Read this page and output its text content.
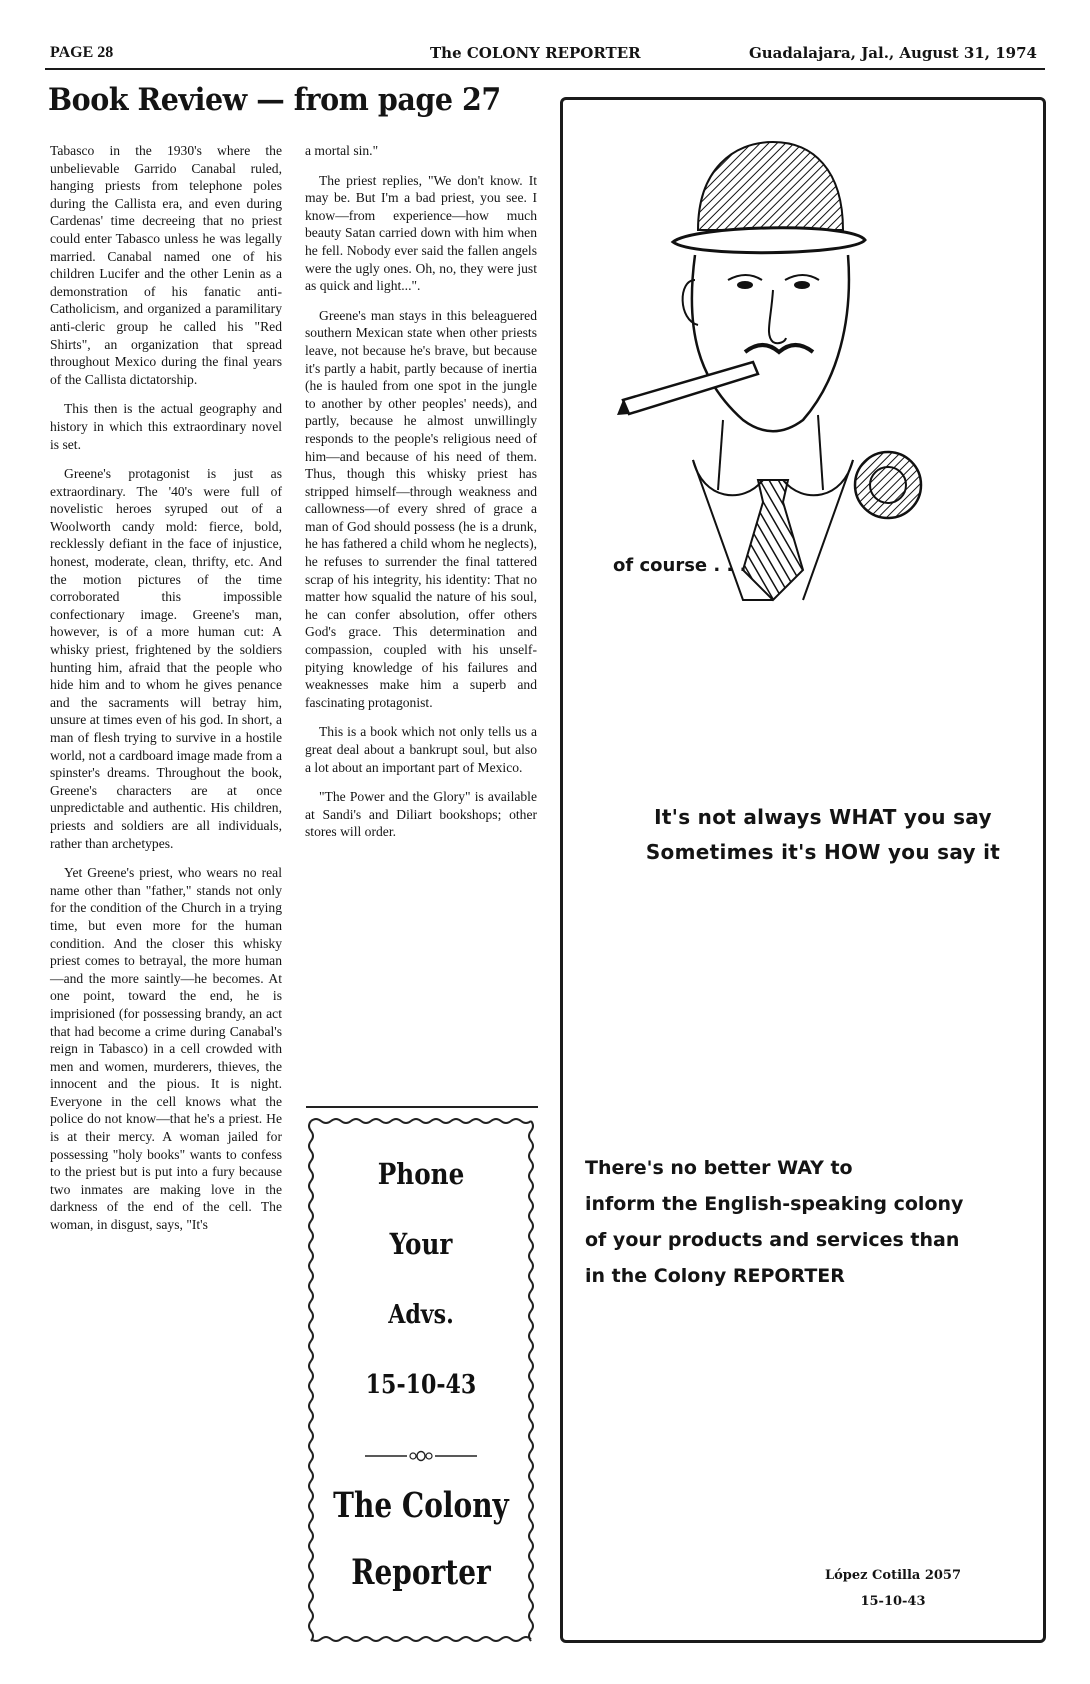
PAGE 28	The COLONY REPORTER	Guadalajara, Jal., August 31, 1974
Book Review — from page 27

Tabasco in the 1930's where the unbelievable Garrido Canabal ruled, hanging priests from telephone poles during the Callista era, and even during Cardenas' time decreeing that no priest could enter Tabasco unless he was legally married. Canabal named one of his children Lucifer and the other Lenin as a demonstration of his fanatic anti-Catholicism, and organized a paramilitary anti-cleric group he called his "Red Shirts", an organization that spread throughout Mexico during the final years of the Callista dictatorship.

This then is the actual geography and history in which this extraordinary novel is set.

Greene's protagonist is just as extraordinary. The '40's were full of novelistic heroes syruped out of a Woolworth candy mold: fierce, bold, recklessly defiant in the face of injustice, honest, moderate, clean, thrifty, etc. And the motion pictures of the time corroborated this impossible confectionary image. Greene's man, however, is of a more human cut: A whisky priest, frightened by the soldiers hunting him, afraid that the people who hide him and to whom he gives penance and the sacraments will betray him, unsure at times even of his god. In short, a man of flesh trying to survive in a hostile world, not a cardboard image made from a spinster's dreams. Throughout the book, Greene's characters are at once unpredictable and authentic. His children, priests and soldiers are all individuals, rather than archetypes.

Yet Greene's priest, who wears no real name other than "father," stands not only for the condition of the Church in a trying time, but even more for the human condition. And the closer this whisky priest comes to betrayal, the more human—and the more saintly—he becomes. At one point, toward the end, he is imprisioned (for possessing brandy, an act that had become a crime during Canabal's reign in Tabasco) in a cell crowded with men and women, murderers, thieves, the innocent and the pious. It is night. Everyone in the cell knows what the police do not know—that he's a priest. He is at their mercy. A woman jailed for possessing "holy books" wants to confess to the priest but is put into a fury because two inmates are making love in the darkness of the end of the cell. The woman, in disgust, says, "It's

a mortal sin."

The priest replies, "We don't know. It may be. But I'm a bad priest, you see. I know—from experience—how much beauty Satan carried down with him when he fell. Nobody ever said the fallen angels were the ugly ones. Oh, no, they were just as quick and light...".

Greene's man stays in this beleaguered southern Mexican state when other priests leave, not because he's brave, but because it's partly a habit, partly because of inertia (he is hauled from one spot in the jungle to another by other peoples' needs), and partly, because he almost unwillingly responds to the people's religious need of him—and because of his need of them. Thus, though this whisky priest has stripped himself—through weakness and callowness—of every shred of grace a man of God should possess (he is a drunk, he has fathered a child whom he neglects), he refuses to surrender the final tattered scrap of his integrity, his identity: That no matter how squalid the nature of his soul, he can confer absolution, offer others God's grace. This determination and compassion, coupled with his unself-pitying knowledge of his failures and weaknesses make him a superb and fascinating protagonist.

This is a book which not only tells us a great deal about a bankrupt soul, but also a lot about an important part of Mexico.

"The Power and the Glory" is available at Sandi's and Diliart bookshops; other stores will order.

Phone
Your
Advs.
15-10-43
The Colony
Reporter
of course . . .
It's not always WHAT you say
Sometimes it's HOW you say it
There's no better WAY to
inform the English-speaking colony
of your products and services than
in the Colony REPORTER
López Cotilla 2057
15-10-43
